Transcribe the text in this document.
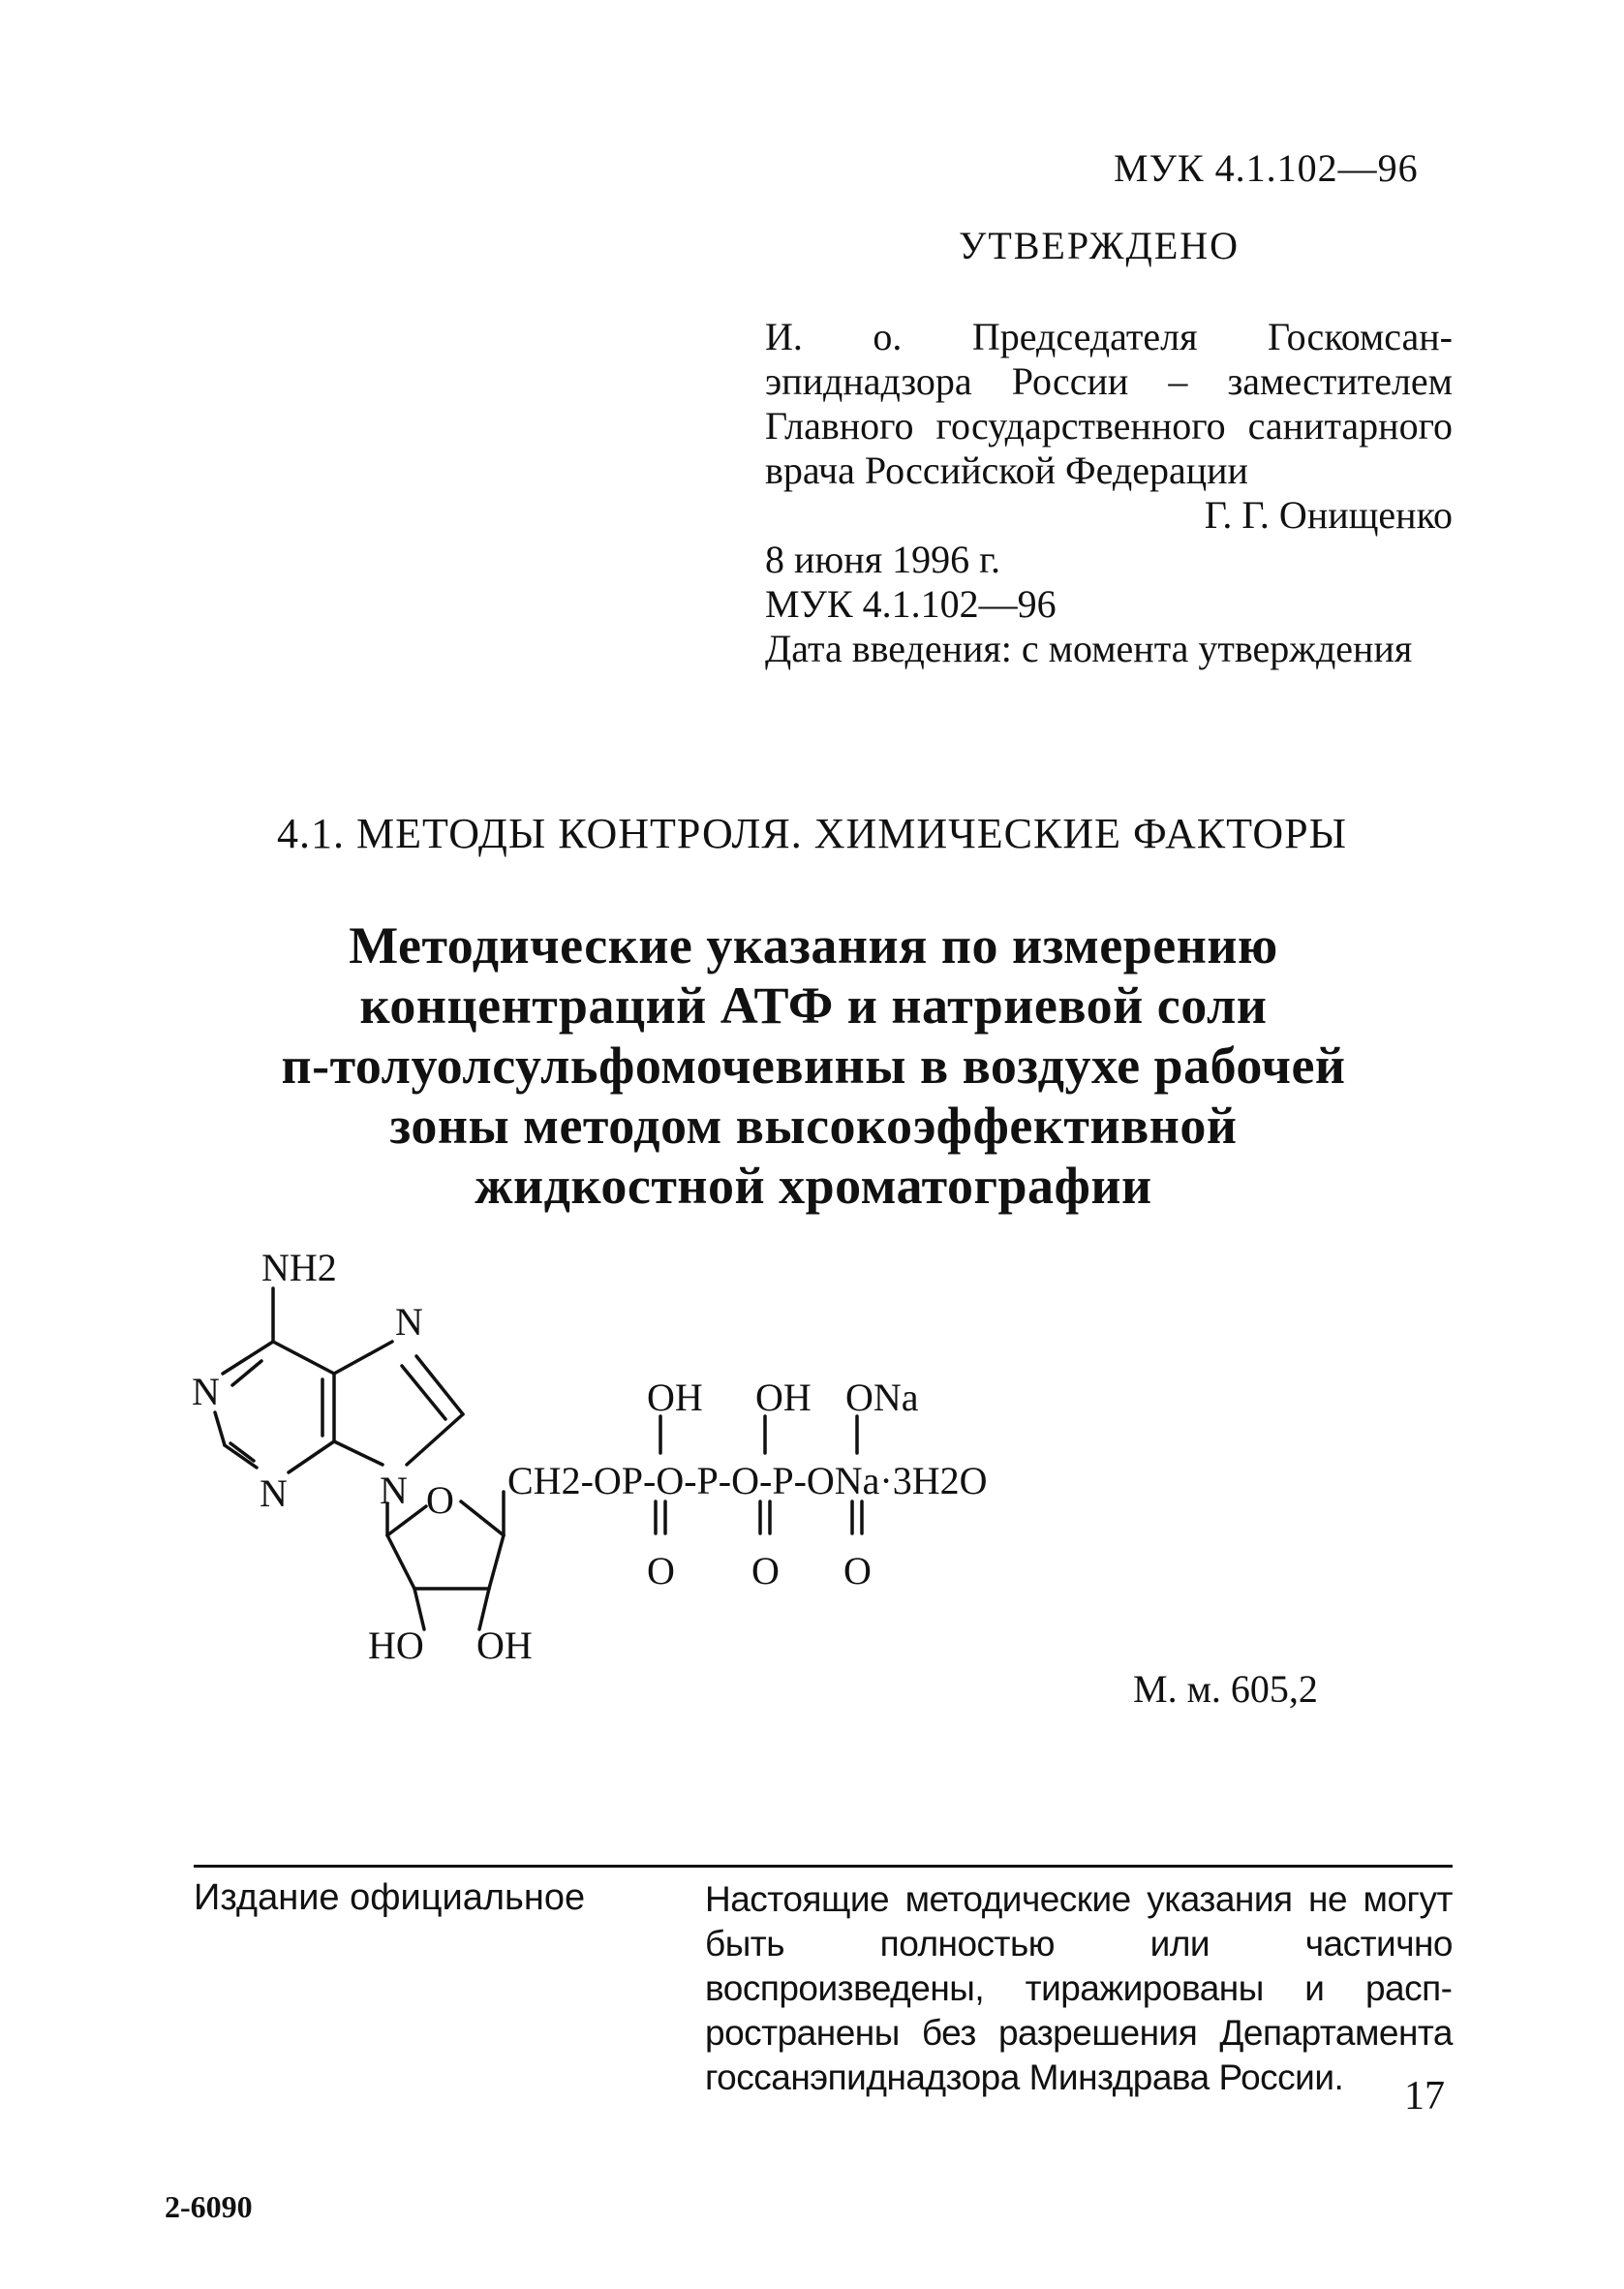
МУК 4.1.102—96
УТВЕРЖДЕНО
И. о. Председателя Госкомсанэпиднадзора России – заместителем Главного государственного санитарного врача Российской Федерации
Г. Г. Онищенко
8 июня 1996 г.
МУК 4.1.102—96
Дата введения: с момента утверждения
4.1. МЕТОДЫ КОНТРОЛЯ. ХИМИЧЕСКИЕ ФАКТОРЫ
Методические указания по измерению
концентраций АТФ и натриевой соли
п-толуолсульфомочевины в воздухе рабочей
зоны методом высокоэффективной
жидкостной хроматографии
NH2
N
N
N N O
HO OH
OH OH ONa
CH2-OP-O-P-O-P-ONa·3H2O
O O O
М. м. 605,2
Издание официальное	Настоящие методические указания не могут быть полностью или частично воспроизведены, тиражированы и распространены без разрешения Департамента госсанэпиднадзора Минздрава России.	17
2-6090
